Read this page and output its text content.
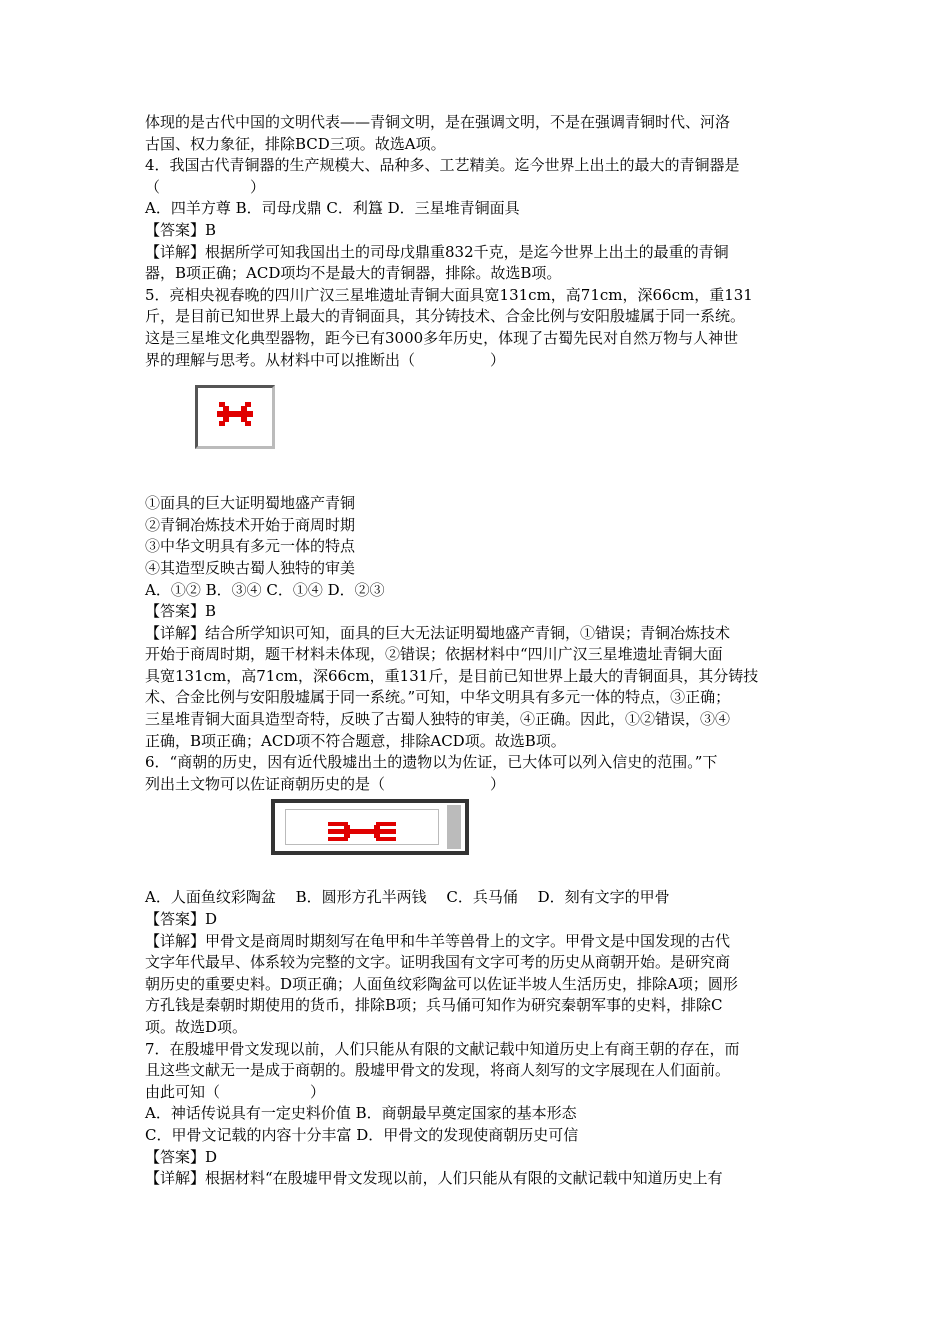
体现的是古代中国的文明代表——青铜文明，是在强调文明，不是在强调青铜时代、河洛
古国、权力象征，排除BCD三项。故选A项。
4．我国古代青铜器的生产规模大、品种多、工艺精美。迄今世界上出土的最大的青铜器是
（　　　　　　）
A．四羊方尊 B．司母戊鼎 C．利簋 D．三星堆青铜面具
【答案】B
【详解】根据所学可知我国出土的司母戊鼎重832千克，是迄今世界上出土的最重的青铜
器，B项正确；ACD项均不是最大的青铜器，排除。故选B项。
5．亮相央视春晚的四川广汉三星堆遗址青铜大面具宽131cm，高71cm，深66cm，重131
斤，是目前已知世界上最大的青铜面具，其分铸技术、合金比例与安阳殷墟属于同一系统。
这是三星堆文化典型器物，距今已有3000多年历史，体现了古蜀先民对自然万物与人神世
界的理解与思考。从材料中可以推断出（　　　　　）
①面具的巨大证明蜀地盛产青铜
②青铜冶炼技术开始于商周时期
③中华文明具有多元一体的特点
④其造型反映古蜀人独特的审美
A．①② B．③④ C．①④ D．②③
【答案】B
【详解】结合所学知识可知，面具的巨大无法证明蜀地盛产青铜，①错误；青铜冶炼技术
开始于商周时期，题干材料未体现，②错误；依据材料中“四川广汉三星堆遗址青铜大面
具宽131cm，高71cm，深66cm，重131斤，是目前已知世界上最大的青铜面具，其分铸技
术、合金比例与安阳殷墟属于同一系统。”可知，中华文明具有多元一体的特点，③正确；
三星堆青铜大面具造型奇特，反映了古蜀人独特的审美，④正确。因此，①②错误，③④
正确，B项正确；ACD项不符合题意，排除ACD项。故选B项。
6．“商朝的历史，因有近代殷墟出土的遗物以为佐证，已大体可以列入信史的范围。”下
列出土文物可以佐证商朝历史的是（　　　　　　　）
A．人面鱼纹彩陶盆　 B．圆形方孔半两钱　 C．兵马俑　 D．刻有文字的甲骨
【答案】D
【详解】甲骨文是商周时期刻写在龟甲和牛羊等兽骨上的文字。甲骨文是中国发现的古代
文字年代最早、体系较为完整的文字。证明我国有文字可考的历史从商朝开始。是研究商
朝历史的重要史料。D项正确；人面鱼纹彩陶盆可以佐证半坡人生活历史，排除A项；圆形
方孔钱是秦朝时期使用的货币，排除B项；兵马俑可知作为研究秦朝军事的史料，排除C
项。故选D项。
7．在殷墟甲骨文发现以前，人们只能从有限的文献记载中知道历史上有商王朝的存在，而
且这些文献无一是成于商朝的。殷墟甲骨文的发现，将商人刻写的文字展现在人们面前。
由此可知（　　　　　　）
A．神话传说具有一定史料价值 B．商朝最早奠定国家的基本形态
C．甲骨文记载的内容十分丰富 D．甲骨文的发现使商朝历史可信
【答案】D
【详解】根据材料“在殷墟甲骨文发现以前，人们只能从有限的文献记载中知道历史上有
